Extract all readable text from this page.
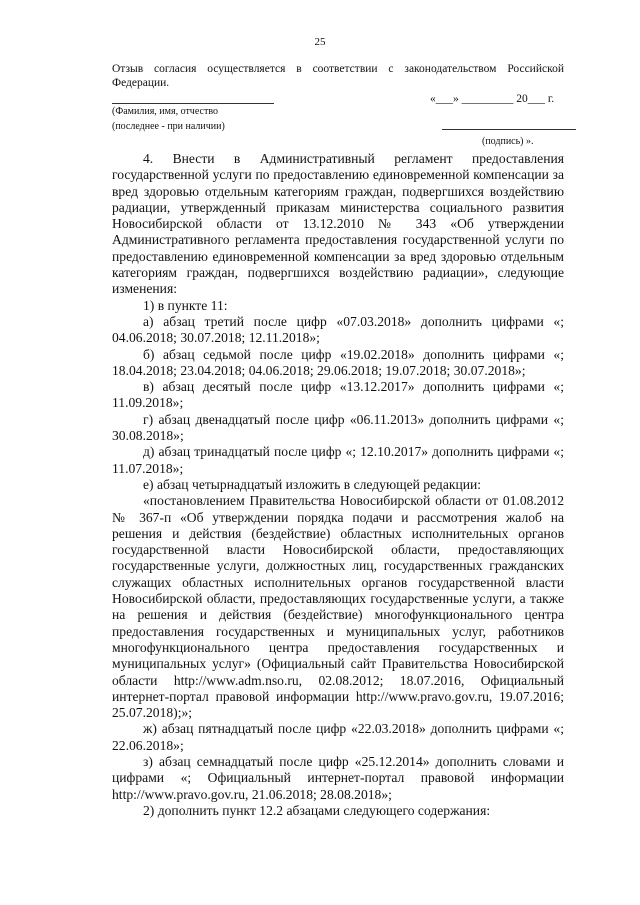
25
Отзыв согласия осуществляется в соответствии с законодательством Российской
Федерации.
(Фамилия, имя, отчество
(последнее - при наличии)
«___» _________ 20___ г.
(подпись) ».

4. Внести в Административный регламент предоставления государственной услуги по предоставлению единовременной компенсации за вред здоровью отдельным категориям граждан, подвергшихся воздействию радиации, утвержденный приказам министерства социального развития Новосибирской области от 13.12.2010 № 343 «Об утверждении Административного регламента предоставления государственной услуги по предоставлению единовременной компенсации за вред здоровью отдельным категориям граждан, подвергшихся воздействию радиации», следующие изменения:

1) в пункте 11:

а) абзац третий после цифр «07.03.2018» дополнить цифрами «; 04.06.2018; 30.07.2018; 12.11.2018»;

б) абзац седьмой после цифр «19.02.2018» дополнить цифрами «; 18.04.2018; 23.04.2018; 04.06.2018; 29.06.2018; 19.07.2018; 30.07.2018»;

в) абзац десятый после цифр «13.12.2017» дополнить цифрами «; 11.09.2018»;

г) абзац двенадцатый после цифр «06.11.2013» дополнить цифрами «; 30.08.2018»;

д) абзац тринадцатый после цифр «; 12.10.2017» дополнить цифрами «; 11.07.2018»;

е) абзац четырнадцатый изложить в следующей редакции:

«постановлением Правительства Новосибирской области от 01.08.2012 № 367-п «Об утверждении порядка подачи и рассмотрения жалоб на решения и действия (бездействие) областных исполнительных органов государственной власти Новосибирской области, предоставляющих государственные услуги, должностных лиц, государственных гражданских служащих областных исполнительных органов государственной власти Новосибирской области, предоставляющих государственные услуги, а также на решения и действия (бездействие) многофункционального центра предоставления государственных и муниципальных услуг, работников многофункционального центра предоставления государственных и муниципальных услуг» (Официальный сайт Правительства Новосибирской области http://www.adm.nso.ru, 02.08.2012; 18.07.2016, Официальный интернет-портал правовой информации http://www.pravo.gov.ru, 19.07.2016; 25.07.2018);»;

ж) абзац пятнадцатый после цифр «22.03.2018» дополнить цифрами «; 22.06.2018»;

з) абзац семнадцатый после цифр «25.12.2014» дополнить словами и цифрами «; Официальный интернет-портал правовой информации http://www.pravo.gov.ru, 21.06.2018; 28.08.2018»;

2) дополнить пункт 12.2 абзацами следующего содержания:
